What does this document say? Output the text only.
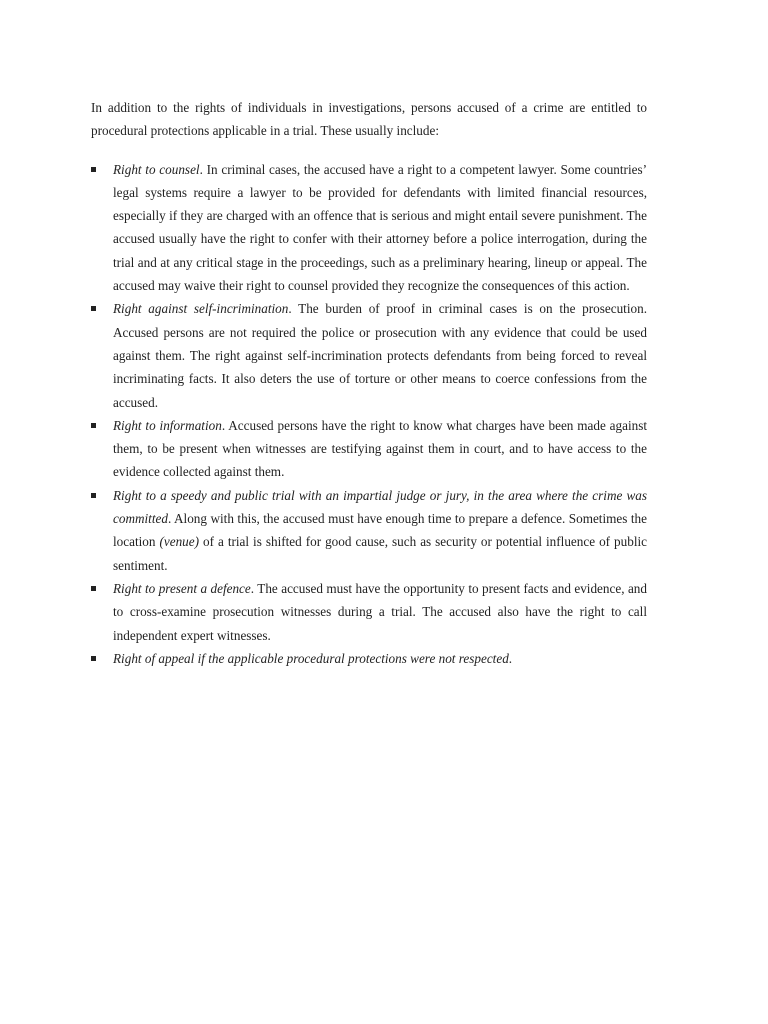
In addition to the rights of individuals in investigations, persons accused of a crime are entitled to procedural protections applicable in a trial. These usually include:

Right to counsel. In criminal cases, the accused have a right to a competent lawyer. Some countries’ legal systems require a lawyer to be provided for defendants with limited financial resources, especially if they are charged with an offence that is serious and might entail severe punishment. The accused usually have the right to confer with their attorney before a police interrogation, during the trial and at any critical stage in the proceedings, such as a preliminary hearing, lineup or appeal. The accused may waive their right to counsel provided they recognize the consequences of this action.
Right against self-incrimination. The burden of proof in criminal cases is on the prosecution. Accused persons are not required the police or prosecution with any evidence that could be used against them. The right against self-incrimination protects defendants from being forced to reveal incriminating facts. It also deters the use of torture or other means to coerce confessions from the accused.
Right to information. Accused persons have the right to know what charges have been made against them, to be present when witnesses are testifying against them in court, and to have access to the evidence collected against them.
Right to a speedy and public trial with an impartial judge or jury, in the area where the crime was committed. Along with this, the accused must have enough time to prepare a defence. Sometimes the location (venue) of a trial is shifted for good cause, such as security or potential influence of public sentiment.
Right to present a defence. The accused must have the opportunity to present facts and evidence, and to cross-examine prosecution witnesses during a trial. The accused also have the right to call independent expert witnesses.
Right of appeal if the applicable procedural protections were not respected.
